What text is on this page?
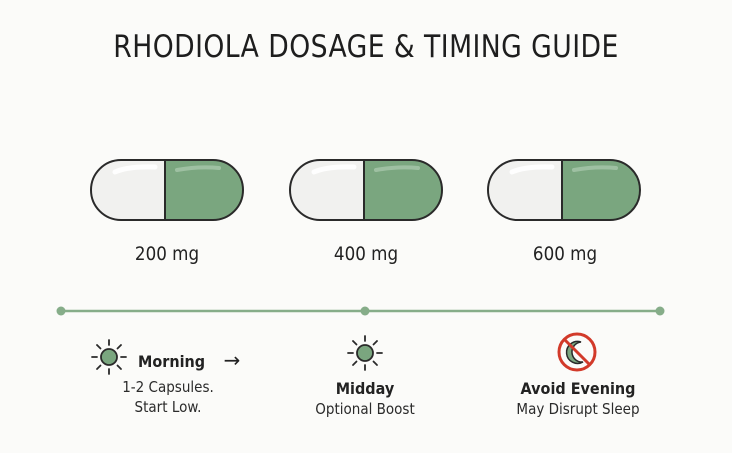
RHODIOLA DOSAGE & TIMING GUIDE
200 mg	400 mg	600 mg
Morning →
1-2 Capsules.
Start Low.
Midday
Optional Boost
Avoid Evening
May Disrupt Sleep
